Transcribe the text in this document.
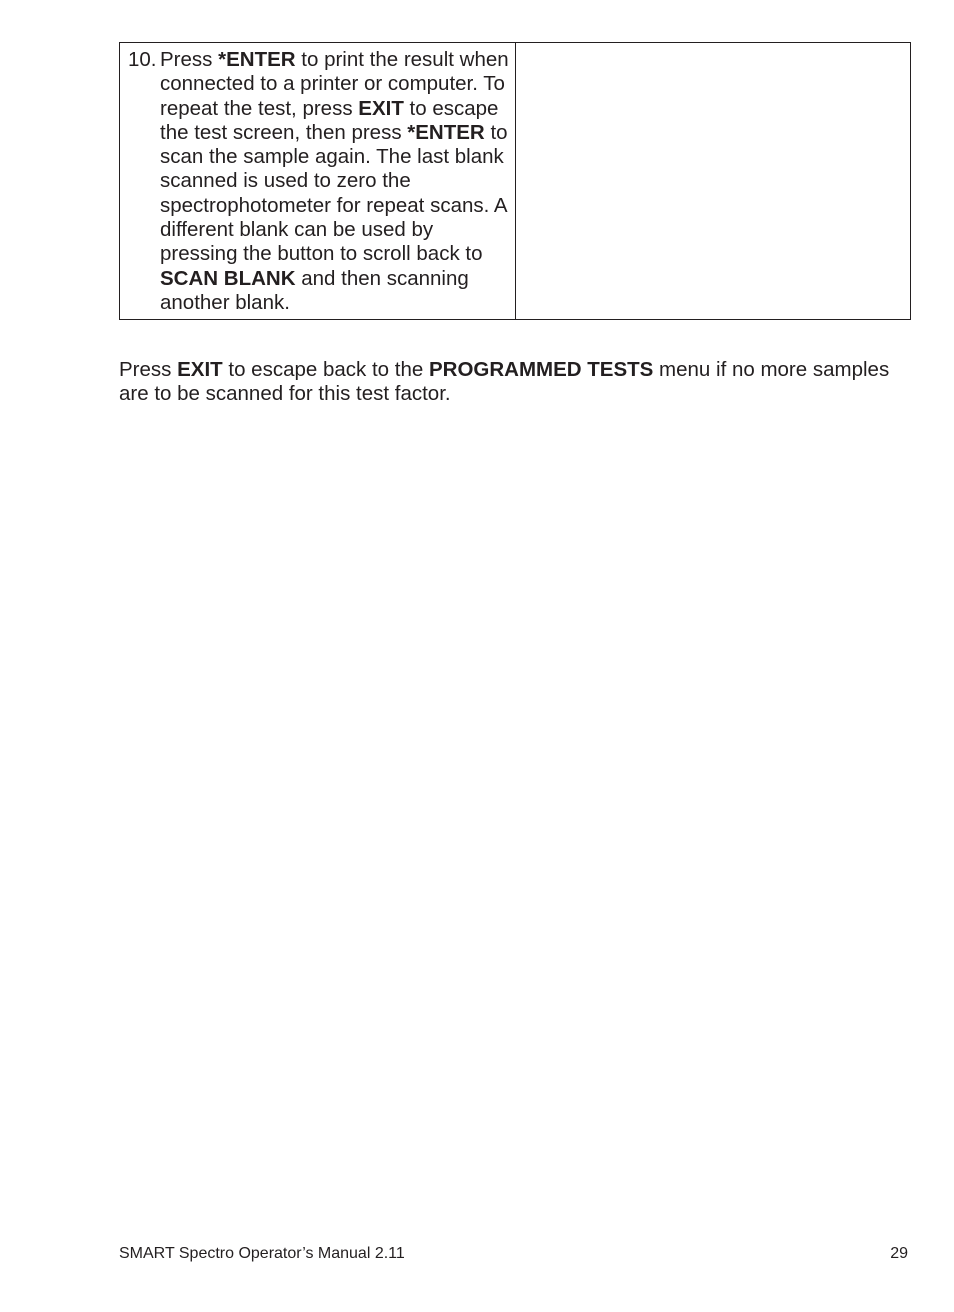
10. Press *ENTER to print the result when connected to a printer or computer. To repeat the test, press EXIT to escape the test screen, then press *ENTER to scan the sample again. The last blank scanned is used to zero the spectrophotometer for repeat scans. A different blank can be used by pressing the button to scroll back to SCAN BLANK and then scanning another blank.

Press EXIT to escape back to the PROGRAMMED TESTS menu if no more samples are to be scanned for this test factor.

SMART Spectro Operator’s Manual 2.11	29
